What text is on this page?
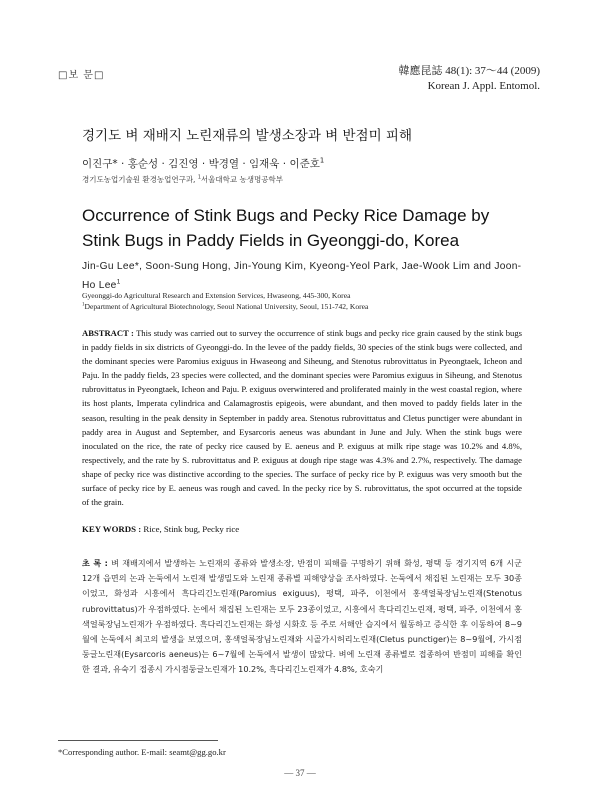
□보 문□	韓應昆誌 48(1): 37～44 (2009)
Korean J. Appl. Entomol.
경기도 벼 재배지 노린재류의 발생소장과 벼 반점미 피해
이진구* · 홍순성 · 김진영 · 박경열 · 임재욱 · 이준호$^1$
경기도농업기술원 환경농업연구과, $^1$서울대학교 농생명공학부
Occurrence of Stink Bugs and Pecky Rice Damage by Stink Bugs in Paddy Fields in Gyeonggi-do, Korea
Jin-Gu Lee*, Soon-Sung Hong, Jin-Young Kim, Kyeong-Yeol Park, Jae-Wook Lim and Joon-Ho Lee$^1$
Gyeonggi-do Agricultural Research and Extension Services, Hwaseong, 445-300, Korea
$^1$Department of Agricultural Biotechnology, Seoul National University, Seoul, 151-742, Korea
ABSTRACT : This study was carried out to survey the occurrence of stink bugs and pecky rice grain caused by the stink bugs in paddy fields in six districts of Gyeonggi-do. In the levee of the paddy fields, 30 species of the stink bugs were collected, and the dominant species were Paromius exiguus in Hwaseong and Siheung, and Stenotus rubrovittatus in Pyeongtaek, Icheon and Paju. In the paddy fields, 23 species were collected, and the dominant species were Paromius exiguus in Siheung, and Stenotus rubrovittatus in Pyeongtaek, Icheon and Paju. P. exiguus overwintered and proliferated mainly in the west coastal region, where its host plants, Imperata cylindrica and Calamagrostis epigeois, were abundant, and then moved to paddy fields later in the season, resulting in the peak density in September in paddy area. Stenotus rubrovittatus and Cletus punctiger were abundant in paddy area in August and September, and Eysarcoris aeneus was abundant in June and July. When the stink bugs were inoculated on the rice, the rate of pecky rice caused by E. aeneus and P. exiguus at milk ripe stage was 10.2% and 4.8%, respectively, and the rate by S. rubrovittatus and P. exiguus at dough ripe stage was 4.3% and 2.7%, respectively. The damage shape of pecky rice was distinctive according to the species. The surface of pecky rice by P. exiguus was very smooth but the surface of pecky rice by E. aeneus was rough and caved. In the pecky rice by S. rubrovittatus, the spot occurred at the topside of the grain.
KEY WORDS : Rice, Stink bug, Pecky rice
초 록 : 벼 재배지에서 발생하는 노린재의 종류와 발생소장, 반점미 피해를 구명하기 위해 화성, 평택 등 경기지역 6개 시군 12개 읍면의 논과 논둑에서 노린재 발생밀도와 노린재 종류별 피해양상을 조사하였다. 논둑에서 채집된 노린재는 모두 30종이었고, 화성과 시흥에서 흑다리긴노린재(Paromius exiguus), 평택, 파주, 이천에서 홍색얼룩장님노린재(Stenotus rubrovittatus)가 우점하였다. 논에서 채집된 노린재는 모두 23종이었고, 시흥에서 흑다리긴노린재, 평택, 파주, 이천에서 홍색얼룩장님노린재가 우점하였다. 흑다리긴노린재는 화성 시화호 등 주로 서해안 습지에서 월동하고 증식한 후 이동하여 8~9월에 논둑에서 최고의 발생을 보였으며, 홍색얼룩장님노린재와 시골가시허리노린재(Cletus punctiger)는 8~9월에, 가시점둥글노린재(Eysarcoris aeneus)는 6~7월에 논둑에서 발생이 많았다. 벼에 노린재 종류별로 접종하여 반점미 피해를 확인한 결과, 유숙기 접종시 가시점둥글노린재가 10.2%, 흑다리긴노린재가 4.8%, 호숙기
*Corresponding author. E-mail: seamt@gg.go.kr
— 37 —
